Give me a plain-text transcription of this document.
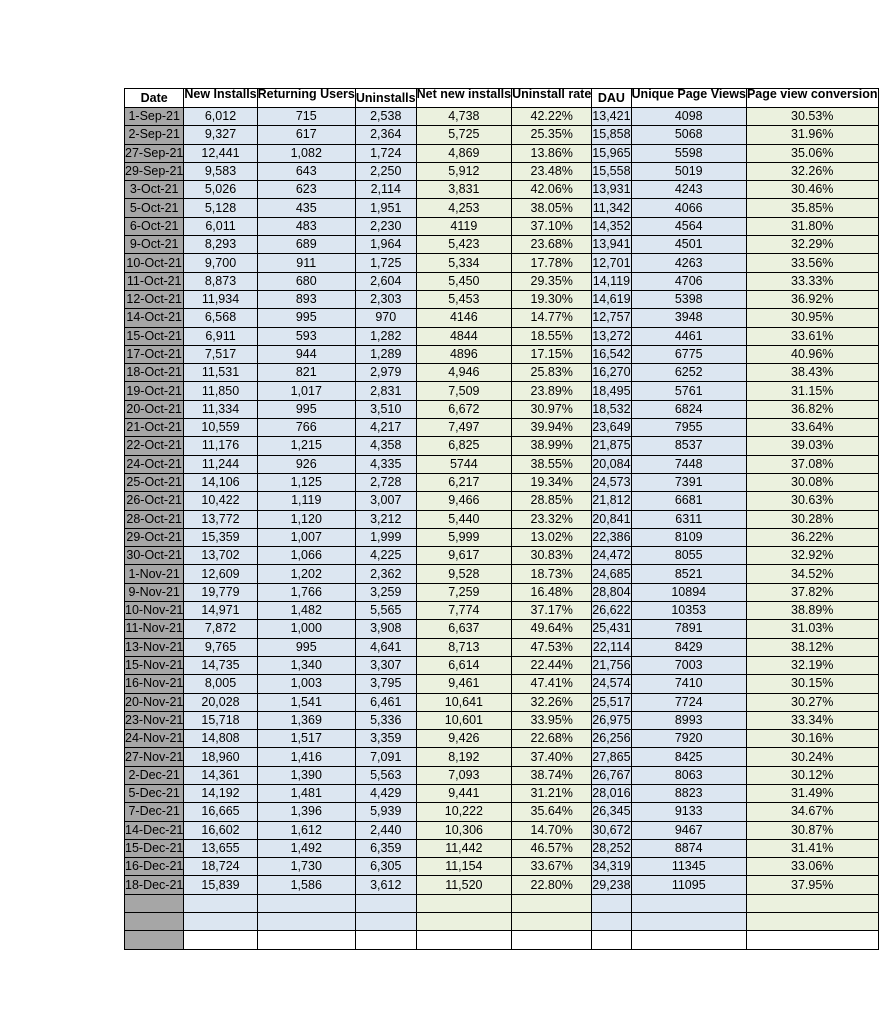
Date	New Installs	Returning Users	Uninstalls	Net new installs	Uninstall rate	DAU	Unique Page Views	Page view conversion

1-Sep-21	6,012	715	2,538	4,738	42.22%	13,421	4098	30.53%
2-Sep-21	9,327	617	2,364	5,725	25.35%	15,858	5068	31.96%
27-Sep-21	12,441	1,082	1,724	4,869	13.86%	15,965	5598	35.06%
29-Sep-21	9,583	643	2,250	5,912	23.48%	15,558	5019	32.26%
3-Oct-21	5,026	623	2,114	3,831	42.06%	13,931	4243	30.46%
5-Oct-21	5,128	435	1,951	4,253	38.05%	11,342	4066	35.85%
6-Oct-21	6,011	483	2,230	4119	37.10%	14,352	4564	31.80%
9-Oct-21	8,293	689	1,964	5,423	23.68%	13,941	4501	32.29%
10-Oct-21	9,700	911	1,725	5,334	17.78%	12,701	4263	33.56%
11-Oct-21	8,873	680	2,604	5,450	29.35%	14,119	4706	33.33%
12-Oct-21	11,934	893	2,303	5,453	19.30%	14,619	5398	36.92%
14-Oct-21	6,568	995	970	4146	14.77%	12,757	3948	30.95%
15-Oct-21	6,911	593	1,282	4844	18.55%	13,272	4461	33.61%
17-Oct-21	7,517	944	1,289	4896	17.15%	16,542	6775	40.96%
18-Oct-21	11,531	821	2,979	4,946	25.83%	16,270	6252	38.43%
19-Oct-21	11,850	1,017	2,831	7,509	23.89%	18,495	5761	31.15%
20-Oct-21	11,334	995	3,510	6,672	30.97%	18,532	6824	36.82%
21-Oct-21	10,559	766	4,217	7,497	39.94%	23,649	7955	33.64%
22-Oct-21	11,176	1,215	4,358	6,825	38.99%	21,875	8537	39.03%
24-Oct-21	11,244	926	4,335	5744	38.55%	20,084	7448	37.08%
25-Oct-21	14,106	1,125	2,728	6,217	19.34%	24,573	7391	30.08%
26-Oct-21	10,422	1,119	3,007	9,466	28.85%	21,812	6681	30.63%
28-Oct-21	13,772	1,120	3,212	5,440	23.32%	20,841	6311	30.28%
29-Oct-21	15,359	1,007	1,999	5,999	13.02%	22,386	8109	36.22%
30-Oct-21	13,702	1,066	4,225	9,617	30.83%	24,472	8055	32.92%
1-Nov-21	12,609	1,202	2,362	9,528	18.73%	24,685	8521	34.52%
9-Nov-21	19,779	1,766	3,259	7,259	16.48%	28,804	10894	37.82%
10-Nov-21	14,971	1,482	5,565	7,774	37.17%	26,622	10353	38.89%
11-Nov-21	7,872	1,000	3,908	6,637	49.64%	25,431	7891	31.03%
13-Nov-21	9,765	995	4,641	8,713	47.53%	22,114	8429	38.12%
15-Nov-21	14,735	1,340	3,307	6,614	22.44%	21,756	7003	32.19%
16-Nov-21	8,005	1,003	3,795	9,461	47.41%	24,574	7410	30.15%
20-Nov-21	20,028	1,541	6,461	10,641	32.26%	25,517	7724	30.27%
23-Nov-21	15,718	1,369	5,336	10,601	33.95%	26,975	8993	33.34%
24-Nov-21	14,808	1,517	3,359	9,426	22.68%	26,256	7920	30.16%
27-Nov-21	18,960	1,416	7,091	8,192	37.40%	27,865	8425	30.24%
2-Dec-21	14,361	1,390	5,563	7,093	38.74%	26,767	8063	30.12%
5-Dec-21	14,192	1,481	4,429	9,441	31.21%	28,016	8823	31.49%
7-Dec-21	16,665	1,396	5,939	10,222	35.64%	26,345	9133	34.67%
14-Dec-21	16,602	1,612	2,440	10,306	14.70%	30,672	9467	30.87%
15-Dec-21	13,655	1,492	6,359	11,442	46.57%	28,252	8874	31.41%
16-Dec-21	18,724	1,730	6,305	11,154	33.67%	34,319	11345	33.06%
18-Dec-21	15,839	1,586	3,612	11,520	22.80%	29,238	11095	37.95%
